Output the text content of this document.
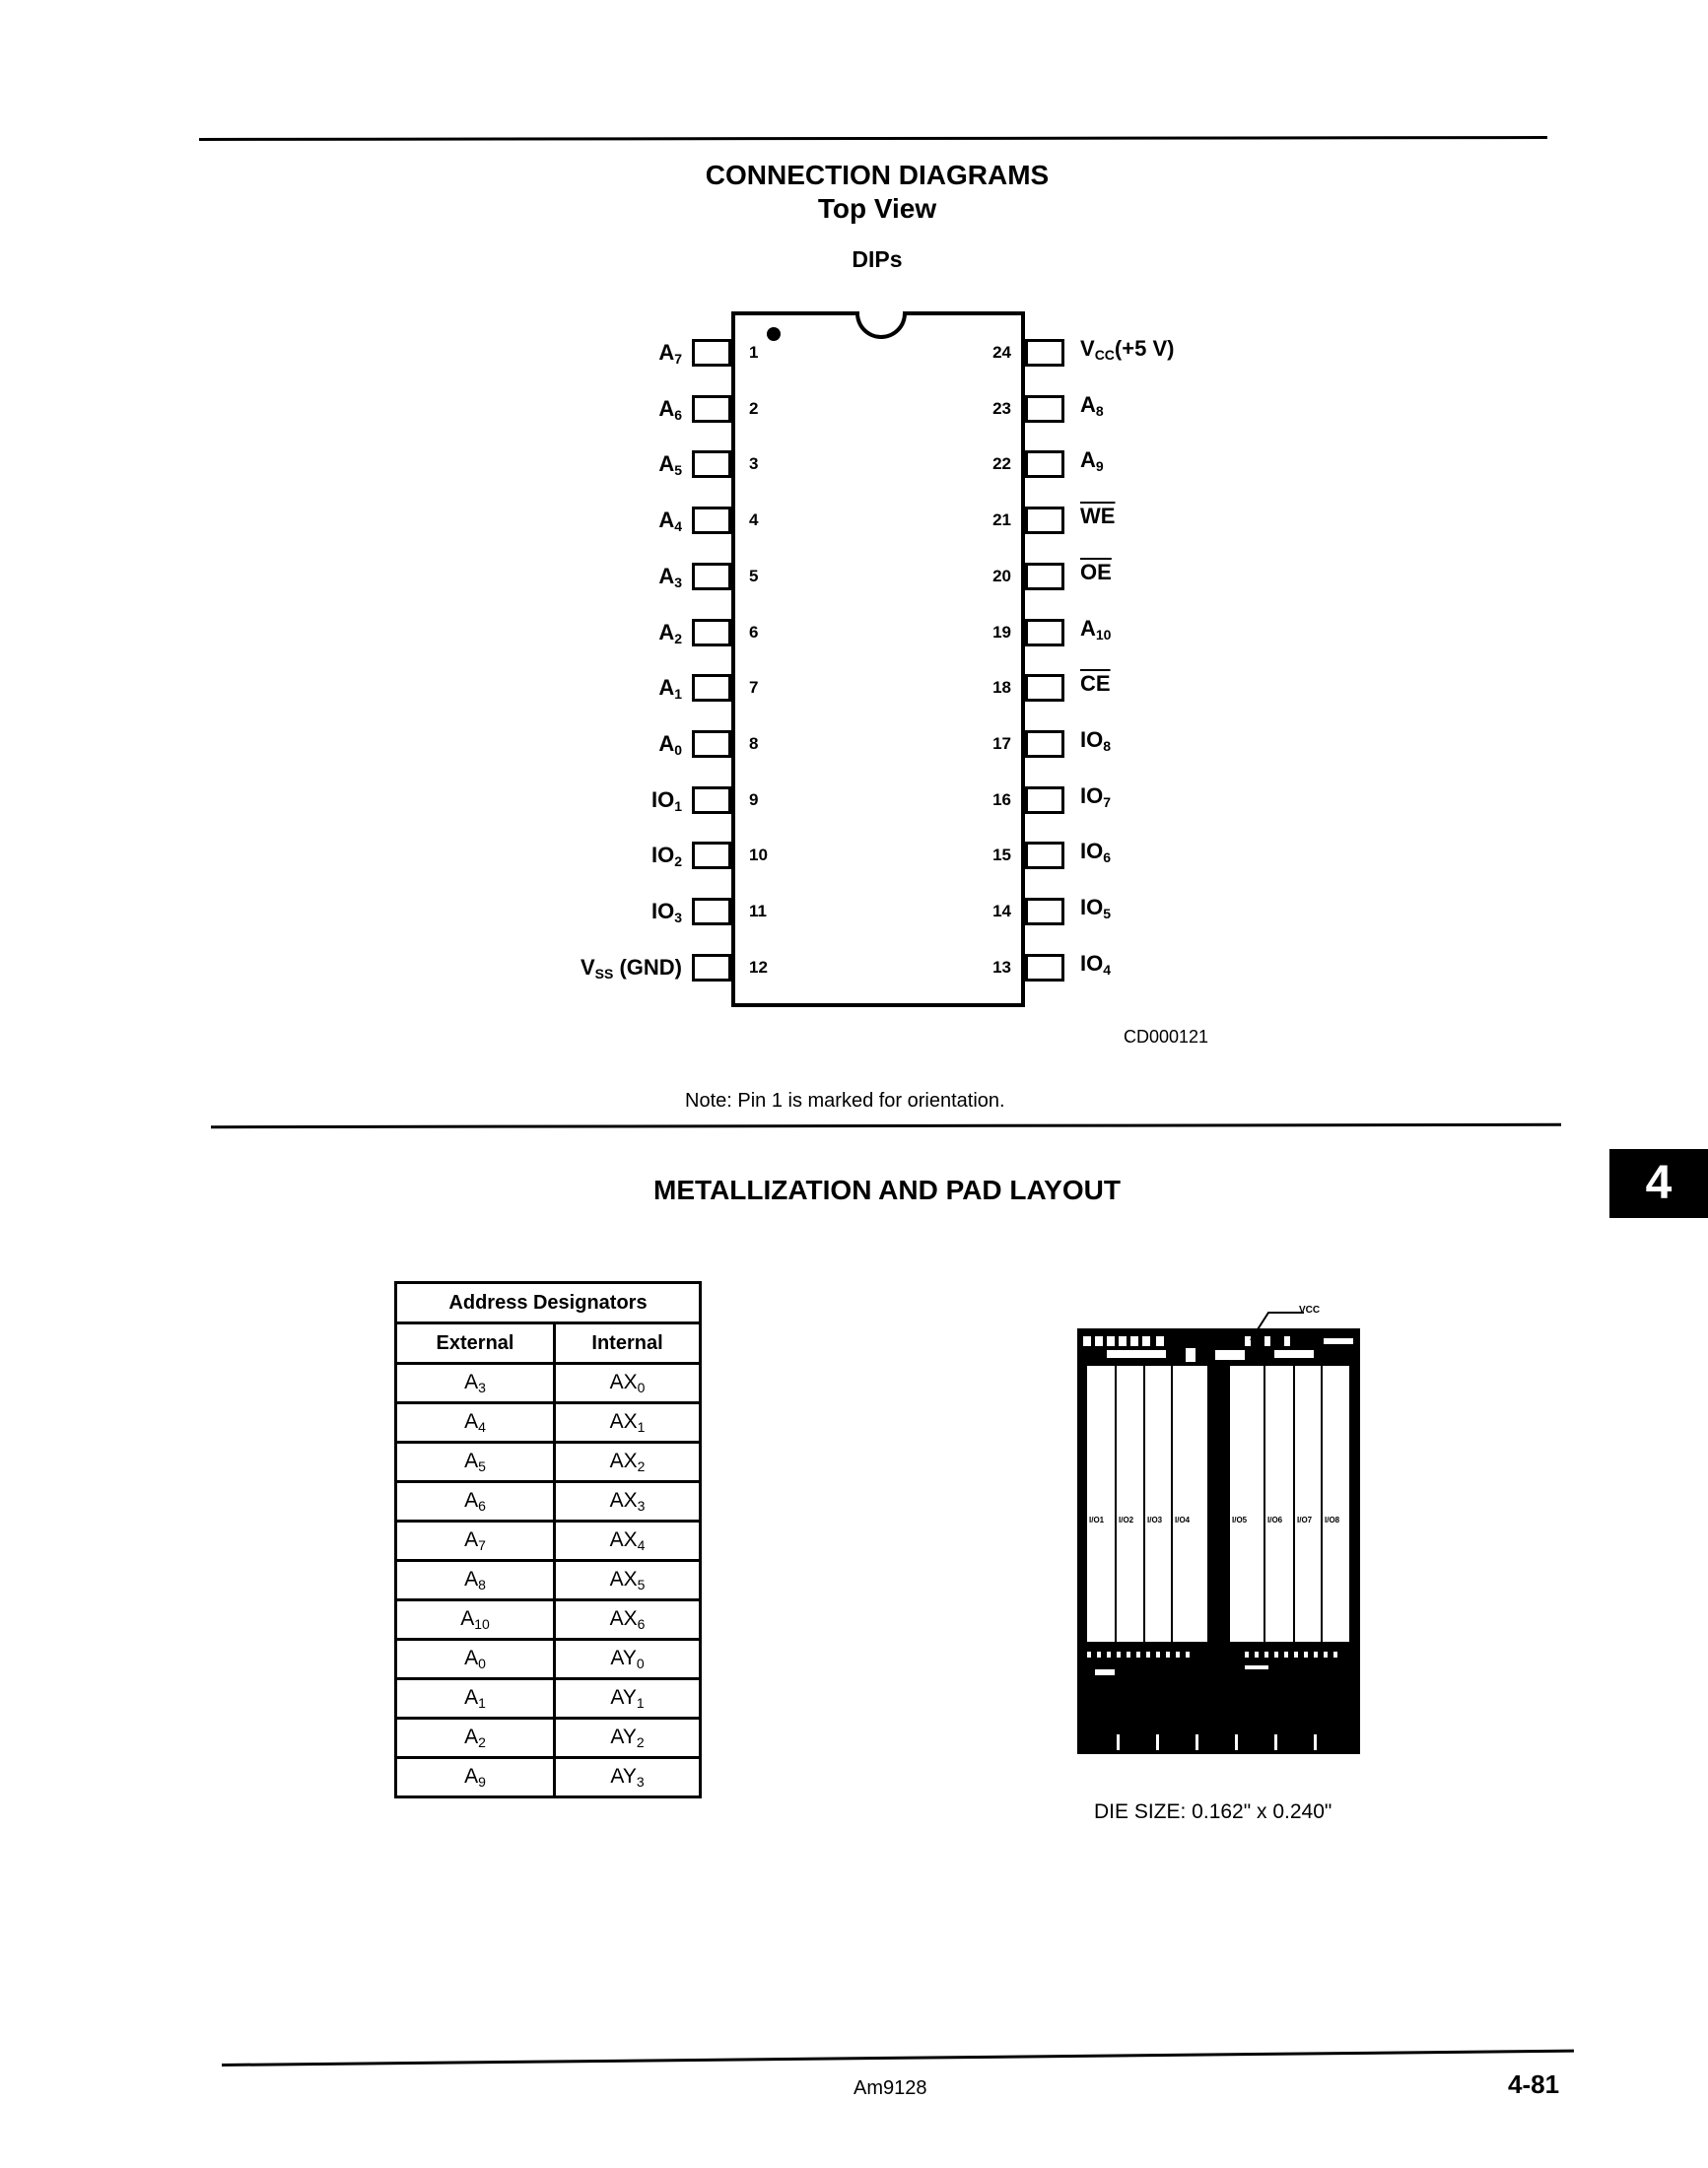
CONNECTION DIAGRAMS
Top View
DIPs
CD000121
Note: Pin 1 is marked for orientation.
METALLIZATION AND PAD LAYOUT	4
Address Designators	
External	Internal
$A_3$	$AX_0$
$A_4$	$AX_1$
$A_5$	$AX_2$
$A_6$	$AX_3$
$A_7$	$AX_4$
$A_8$	$AX_5$
$A_{10}$	$AX_6$
$A_0$	$AY_0$
$A_1$	$AY_1$
$A_2$	$AY_2$
$A_9$	$AY_3$
VCC
I/O1 I/O2 I/O3 I/O4	I/O5	I/O6 I/O7 I/O8
DIE SIZE: 0.162" x 0.240"
Am9128	4-81
1
$A_7$
2
$A_6$
3
$A_5$
4
$A_4$
5
$A_3$
6
$A_2$
7
$A_1$
8
$A_0$
9
$IO_1$
10
$IO_2$
11
$IO_3$
12
$V_{SS}$ (GND)
24	$V_{CC}(+5$ V)
23	$A_8$
22	$A_9$
21	$\overline{WE}$
20	$\overline{OE}$
19	$A_{10}$
18	$\overline{CE}$
17	$IO_8$
16	$IO_7$
15	$IO_6$
14	$IO_5$
13	$IO_4$
